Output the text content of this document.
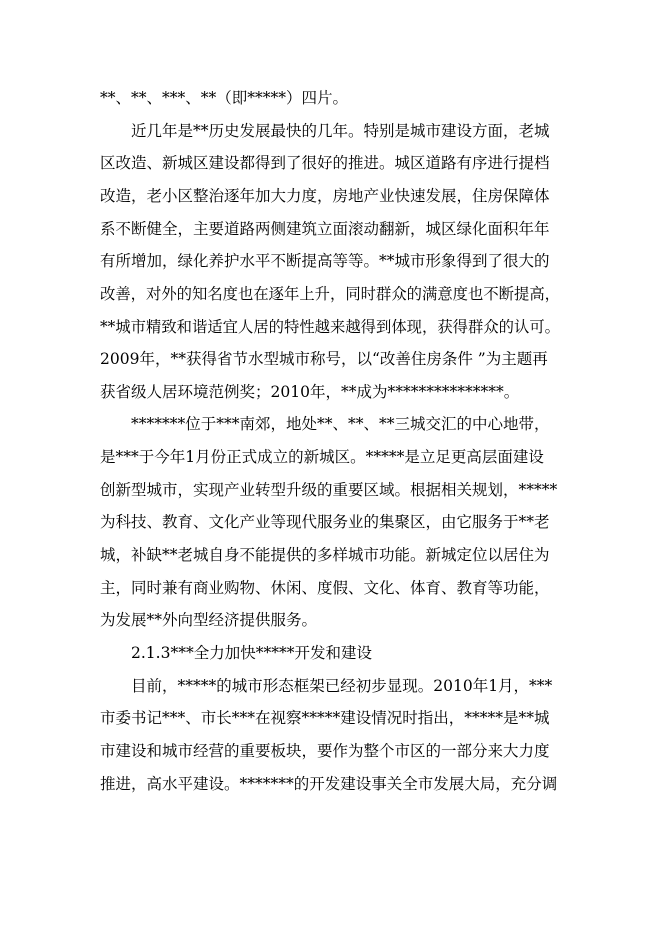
**、**、***、**（即*****）四片。
近几年是**历史发展最快的几年。特别是城市建设方面，老城
区改造、新城区建设都得到了很好的推进。城区道路有序进行提档
改造，老小区整治逐年加大力度，房地产业快速发展，住房保障体
系不断健全，主要道路两侧建筑立面滚动翻新，城区绿化面积年年
有所增加，绿化养护水平不断提高等等。**城市形象得到了很大的
改善，对外的知名度也在逐年上升，同时群众的满意度也不断提高，
**城市精致和谐适宜人居的特性越来越得到体现，获得群众的认可。
2009年，**获得省节水型城市称号，以“改善住房条件 ”为主题再
获省级人居环境范例奖；2010年，**成为***************。
*******位于***南郊，地处**、**、**三城交汇的中心地带，
是***于今年1月份正式成立的新城区。*****是立足更高层面建设
创新型城市，实现产业转型升级的重要区域。根据相关规划，*****
为科技、教育、文化产业等现代服务业的集聚区，由它服务于**老
城，补缺**老城自身不能提供的多样城市功能。新城定位以居住为
主，同时兼有商业购物、休闲、度假、文化、体育、教育等功能，
为发展**外向型经济提供服务。
2.1.3***全力加快*****开发和建设
目前，*****的城市形态框架已经初步显现。2010年1月，***
市委书记***、市长***在视察*****建设情况时指出，*****是**城
市建设和城市经营的重要板块，要作为整个市区的一部分来大力度
推进，高水平建设。*******的开发建设事关全市发展大局，充分调
